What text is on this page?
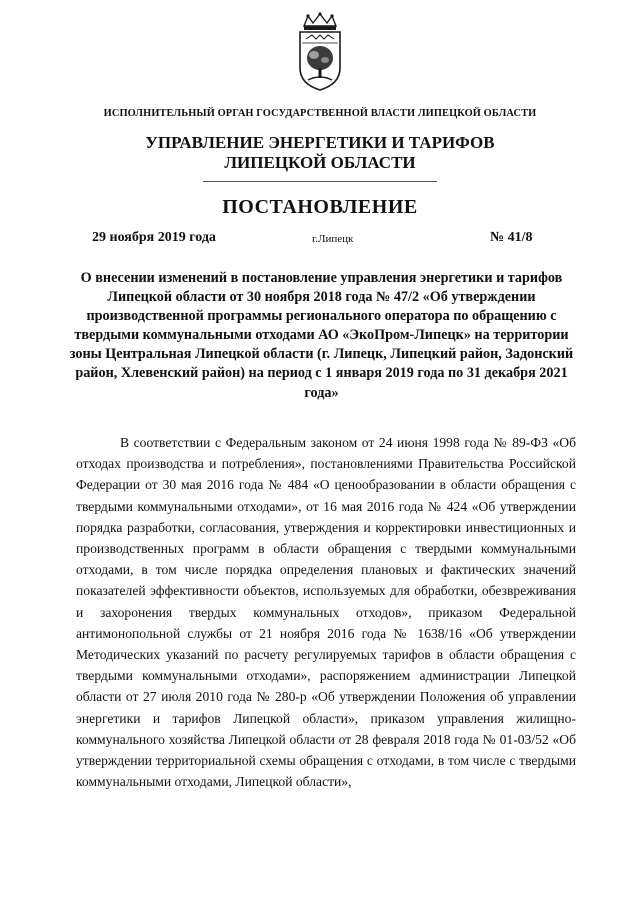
ИСПОЛНИТЕЛЬНЫЙ ОРГАН ГОСУДАРСТВЕННОЙ ВЛАСТИ ЛИПЕЦКОЙ ОБЛАСТИ
УПРАВЛЕНИЕ ЭНЕРГЕТИКИ И ТАРИФОВ
ЛИПЕЦКОЙ ОБЛАСТИ
ПОСТАНОВЛЕНИЕ
29 ноября 2019 года	г.Липецк	№ 41/8
О внесении изменений в постановление управления энергетики и тарифов Липецкой области от 30 ноября 2018 года № 47/2 «Об утверждении производственной программы регионального оператора по обращению с твердыми коммунальными отходами АО «ЭкоПром-Липецк» на территории зоны Центральная Липецкой области (г. Липецк, Липецкий район, Задонский район, Хлевенский район) на период с 1 января 2019 года по 31 декабря 2021 года»
В соответствии с Федеральным законом от 24 июня 1998 года № 89-ФЗ «Об отходах производства и потребления», постановлениями Правительства Российской Федерации от 30 мая 2016 года № 484 «О ценообразовании в области обращения с твердыми коммунальными отходами», от 16 мая 2016 года № 424 «Об утверждении порядка разработки, согласования, утверждения и корректировки инвестиционных и производственных программ в области обращения с твердыми коммунальными отходами, в том числе порядка определения плановых и фактических значений показателей эффективности объектов, используемых для обработки, обезвреживания и захоронения твердых коммунальных отходов», приказом Федеральной антимонопольной службы от 21 ноября 2016 года № 1638/16 «Об утверждении Методических указаний по расчету регулируемых тарифов в области обращения с твердыми коммунальными отходами», распоряжением администрации Липецкой области от 27 июля 2010 года № 280-р «Об утверждении Положения об управлении энергетики и тарифов Липецкой области», приказом управления жилищно-коммунального хозяйства Липецкой области от 28 февраля 2018 года № 01-03/52 «Об утверждении территориальной схемы обращения с отходами, в том числе с твердыми коммунальными отходами, Липецкой области»,
